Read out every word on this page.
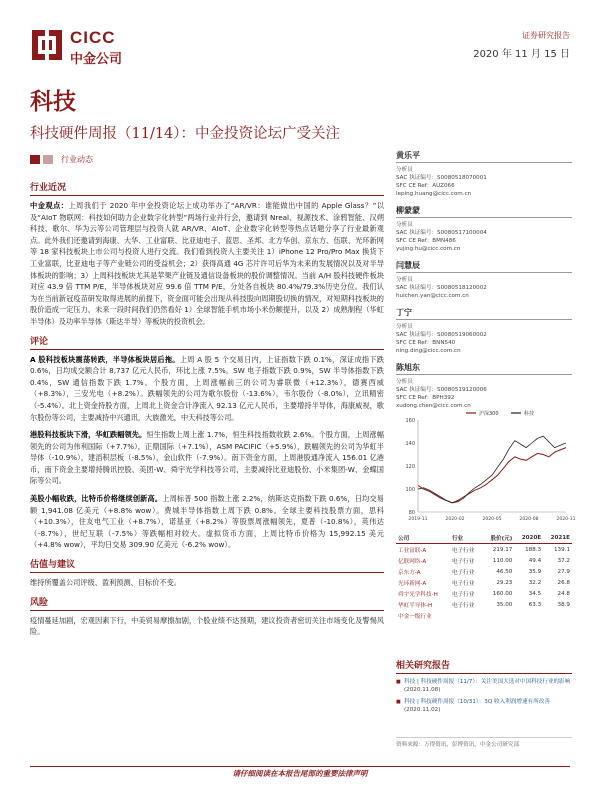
CICC
中金公司
证券研究报告
2020 年 11 月 15 日
科技
科技硬件周报（11/14）：中金投资论坛广受关注
行业动态
行业近况

中金观点：上周我们于 2020 年中金投资论坛上成功举办了“AR/VR：谁能做出中国的 Apple Glass？”以及“AIoT 物联网：科技如何助力企业数字化转型”两场行业并行会，邀请到 Nreal、视源技术、涂鸦智能、汉朔科技、歌尔、华为云等公司管理层与投资人就 AR/VR、AIoT、企业数字化转型等热点话题分享了行业最新观点。此外我们还邀请到海康、大华、工业富联、比亚迪电子、蓝思、圣邦、北方华创、京东方、伍联、光环新网等 18 家科技板块上市公司与投资人进行交流。我们看到投资人主要关注 1）iPhone 12 Pro/Pro Max 换货下工业富联，比亚迪电子等产业链公司的受益机会；2）获得高通 4G 芯片许可后华为未来的发展情况以及对半导体板块的影响；3）上周科技板块尤其是苹果产业链及通信设备板块的股价调整情况。当前 A/H 股科技硬件板块对应 43.9 倍 TTM P/E，半导体板块对应 99.6 倍 TTM P/E，分处各自板块 80.4%/79.3%历史分位。我们认为在当前新冠疫苗研发取得进展的前提下，资金面可能会出现从科技股向周期股切换的情况，对短期科技板块的股价造成一定压力，未来一段时间我们仍然看好 1）全球智能手机市场小米份额提升，以及 2）成熟制程（华虹半导体）及功率半导体（斯达半导）等板块的投资机会。

评论

A 股科技板块震荡转跌，半导体板块居后拖。上周 A 股 5 个交易日内，上证指数下跌 0.1%，深证成指下跌 0.6%，日均成交额合计 8,737 亿元人民币，环比上涨 7.5%。SW 电子指数下跌 0.9%，SW 半导体指数下跌 0.4%，SW 通信指数下跌 1.7%。个股方面，上周涨幅前三的公司为睿联微（+12.3%），德赛西威（+8.3%），三安光电（+8.2%）。跌幅领先的公司为歌尔股份（-13.6%），韦尔股份（-8.0%），立讯精密（-5.4%）。北上资金持股方面，上周北上资金合计净流入 92.13 亿元人民币，主要增持半导体，海康威视，歌尔股份等公司，主要减持中兴通讯，大族激光，中天科技等公司。

港股科技板块下滑，华虹跌幅领先。恒生指数上周上涨 1.7%，恒生科技指数收跌 2.6%。个股方面，上周涨幅领先的公司为伟利国际（+7.7%），正鼎国际（+7.1%），ASM PACIFIC（+5.9%），跌幅领先的公司为华虹半导体（-10.9%），建滔积层板（-8.5%），金山软件（-7.9%）。南下资金方面，上周港股通净流入 156.01 亿港币，南下资金主要增持腾讯控股、美团-W、舜宇光学科技等公司，主要减持比亚迪股份、小米集团-W、金蝶国际等公司。

美股小幅收跌，比特币价格继续创新高。上周标普 500 指数上涨 2.2%，纳斯达克指数下跌 0.6%，日均交易额 1,941.08 亿美元（+8.8% wow）。费城半导体指数上周下跌 0.8%。全球主要科技股票方面，思科（+10.3%），住友电气工业（+8.7%），诺基亚（+8.2%）等股票周涨幅领先，夏普（-10.8%），英伟达（-8.7%），世纪互联（-7.5%）等跌幅相对较大。虚拟货币方面，上周比特币价格为 15,992.15 美元（+4.8% wow），平均日交易 309.90 亿美元（-6.2% wow）。

估值与建议

维持所覆盖公司评级、盈利预测、目标价不变。

风险

疫情蔓延加剧，宏观因素下行，中美贸易摩擦加剧，个股业绩不达预期，建议投资者密切关注市场变化及警惕风险。

黄乐平
分析员
SAC 执证编号：S0080518070001
SFC CE Ref：AUZ066
leping.huang@cicc.com.cn
柳蒙蒙
分析员
SAC 执证编号：S0080517100004
SFC CE Ref：BMN486
yujing.hu@cicc.com.cn
闫慧辰
分析员
SAC 执证编号：S0080518120002
huichen.yan@cicc.com.cn
丁宁
分析员
SAC 执证编号：S0080519060002
SFC CE Ref：BNN540
ning.ding@cicc.com.cn
陈旭东
分析员
SAC 执证编号：S0080519120006
SFC CE Ref：BPH392
xudong.chen@cicc.com.cn
80
100
120
140
160
2019-11	2020-02	2020-05	2020-08	2020-11
沪深300	科技
公司	行业	股价(元)	2020E	2021E
工业富联-A	电子行业	219.17	188.3	139.1
亿联网络-A	电子行业	110.00	49.4	37.2
京东方-A	电子行业	46.50	35.9	27.9
光环新网-A	电子行业	29.23	32.2	26.8
舜宇光学科技-H	电子行业	160.00	34.5	24.8
华虹半导体-H	电子行业	35.00	63.3	38.9
中金一级行业				
相关研究报告
■ 科技 | 科技硬件周报（11/7）：关注美国大选对中国科技行业的影响 (2020.11.08)
■ 科技 | 科技硬件周报（10/31）：3Q 收入利润增速有所改善 (2020.11.02)
资料来源：万得资讯，彭博资讯，中金公司研究部
请仔细阅读在本报告尾部的重要法律声明
